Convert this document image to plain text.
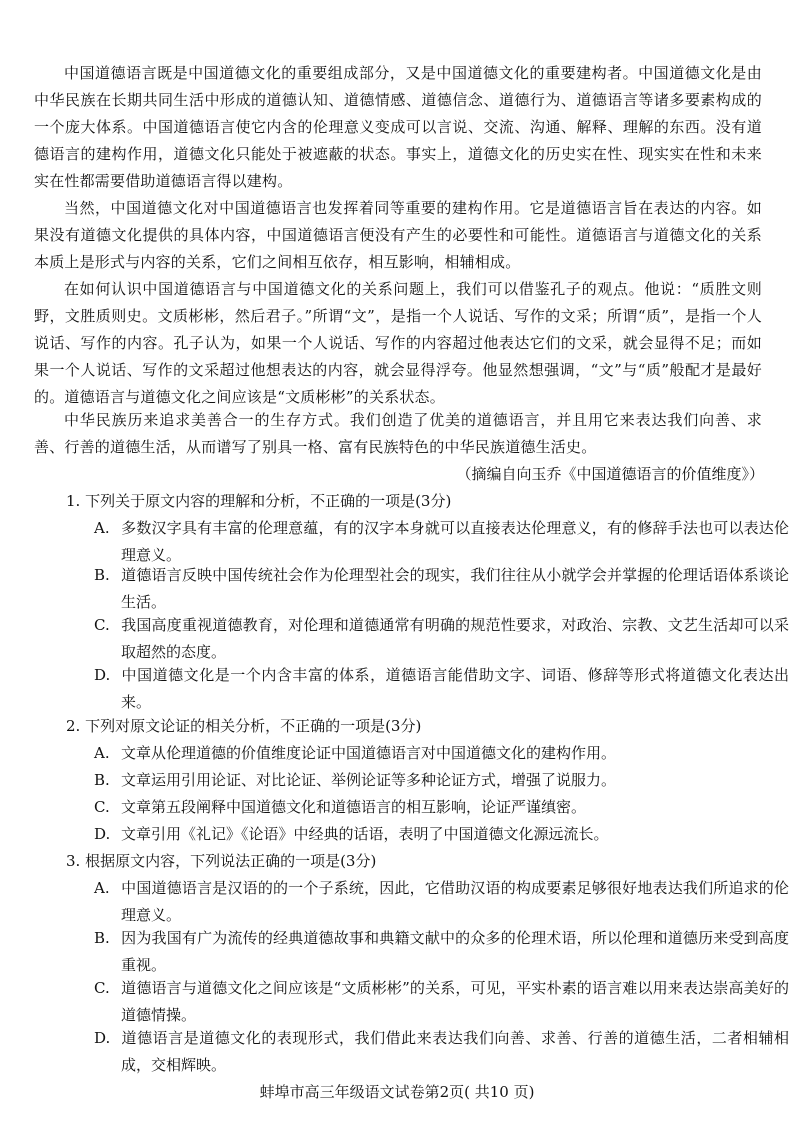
中国道德语言既是中国道德文化的重要组成部分，又是中国道德文化的重要建构者。中国道德文化是由中华民族在长期共同生活中形成的道德认知、道德情感、道德信念、道德行为、道德语言等诸多要素构成的一个庞大体系。中国道德语言使它内含的伦理意义变成可以言说、交流、沟通、解释、理解的东西。没有道德语言的建构作用，道德文化只能处于被遮蔽的状态。事实上，道德文化的历史实在性、现实实在性和未来实在性都需要借助道德语言得以建构。

当然，中国道德文化对中国道德语言也发挥着同等重要的建构作用。它是道德语言旨在表达的内容。如果没有道德文化提供的具体内容，中国道德语言便没有产生的必要性和可能性。道德语言与道德文化的关系本质上是形式与内容的关系，它们之间相互依存，相互影响，相辅相成。

在如何认识中国道德语言与中国道德文化的关系问题上，我们可以借鉴孔子的观点。他说：“质胜文则野，文胜质则史。文质彬彬，然后君子。”所谓“文”，是指一个人说话、写作的文采；所谓“质”，是指一个人说话、写作的内容。孔子认为，如果一个人说话、写作的内容超过他表达它们的文采，就会显得不足；而如果一个人说话、写作的文采超过他想表达的内容，就会显得浮夸。他显然想强调，“文”与“质”般配才是最好的。道德语言与道德文化之间应该是“文质彬彬”的关系状态。

中华民族历来追求美善合一的生存方式。我们创造了优美的道德语言，并且用它来表达我们向善、求善、行善的道德生活，从而谱写了别具一格、富有民族特色的中华民族道德生活史。

（摘编自向玉乔《中国道德语言的价值维度》）

1. 下列关于原文内容的理解和分析，不正确的一项是(3分)

A. 多数汉字具有丰富的伦理意蕴，有的汉字本身就可以直接表达伦理意义，有的修辞手法也可以表达伦理意义。

B. 道德语言反映中国传统社会作为伦理型社会的现实，我们往往从小就学会并掌握的伦理话语体系谈论生活。

C. 我国高度重视道德教育，对伦理和道德通常有明确的规范性要求，对政治、宗教、文艺生活却可以采取超然的态度。

D. 中国道德文化是一个内含丰富的体系，道德语言能借助文字、词语、修辞等形式将道德文化表达出来。

2. 下列对原文论证的相关分析，不正确的一项是(3分)

A. 文章从伦理道德的价值维度论证中国道德语言对中国道德文化的建构作用。

B. 文章运用引用论证、对比论证、举例论证等多种论证方式，增强了说服力。

C. 文章第五段阐释中国道德文化和道德语言的相互影响，论证严谨缜密。

D. 文章引用《礼记》《论语》中经典的话语，表明了中国道德文化源远流长。

3. 根据原文内容，下列说法正确的一项是(3分)

A. 中国道德语言是汉语的的一个子系统，因此，它借助汉语的构成要素足够很好地表达我们所追求的伦理意义。

B. 因为我国有广为流传的经典道德故事和典籍文献中的众多的伦理术语，所以伦理和道德历来受到高度重视。

C. 道德语言与道德文化之间应该是“文质彬彬”的关系，可见，平实朴素的语言难以用来表达崇高美好的道德情操。

D. 道德语言是道德文化的表现形式，我们借此来表达我们向善、求善、行善的道德生活，二者相辅相成，交相辉映。

蚌埠市高三年级语文试卷第2页( 共10 页)
